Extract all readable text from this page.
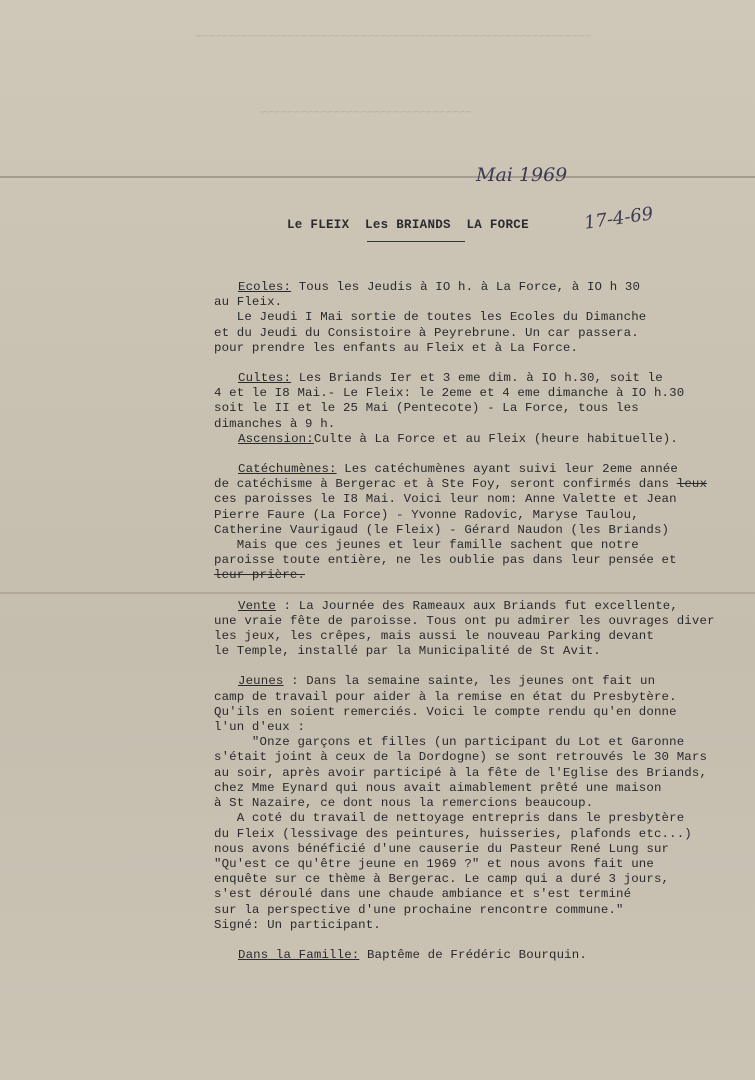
~~~~~~~~~~~~~~~~~~~~~~~~~~~~~~~~~~~~~~~~~~~~~~~~~~~~~~~~~~~~
~~~~~~~~~~~~~~~~~~~~~~~~~~~~~~~~
Mai 1969
17-4-69
Le FLEIX Les BRIANDS LA FORCE

Ecoles: Tous les Jeudis à IO h. à La Force, à IO h 30

au Fleix.

Le Jeudi I Mai sortie de toutes les Ecoles du Dimanche

et du Jeudi du Consistoire à Peyrebrune. Un car passera.

pour prendre les enfants au Fleix et à La Force.

Cultes: Les Briands Ier et 3 eme dim. à IO h.30, soit le

4 et le I8 Mai.- Le Fleix: le 2eme et 4 eme dimanche à IO h.30

soit le II et le 25 Mai (Pentecote) - La Force, tous les

dimanches à 9 h.

Ascension:Culte à La Force et au Fleix (heure habituelle).

Catéchumènes: Les catéchumènes ayant suivi leur 2eme année

de catéchisme à Bergerac et à Ste Foy, seront confirmés dans leux

ces paroisses le I8 Mai. Voici leur nom: Anne Valette et Jean

Pierre Faure (La Force) - Yvonne Radovic, Maryse Taulou,

Catherine Vaurigaud (le Fleix) - Gérard Naudon (les Briands)

Mais que ces jeunes et leur famille sachent que notre

paroisse toute entière, ne les oublie pas dans leur pensée et

leur prière.

Vente : La Journée des Rameaux aux Briands fut excellente,

une vraie fête de paroisse. Tous ont pu admirer les ouvrages diver

les jeux, les crêpes, mais aussi le nouveau Parking devant

le Temple, installé par la Municipalité de St Avit.

Jeunes : Dans la semaine sainte, les jeunes ont fait un

camp de travail pour aider à la remise en état du Presbytère.

Qu'ils en soient remerciés. Voici le compte rendu qu'en donne

l'un d'eux :

"Onze garçons et filles (un participant du Lot et Garonne

s'était joint à ceux de la Dordogne) se sont retrouvés le 30 Mars

au soir, après avoir participé à la fête de l'Eglise des Briands,

chez Mme Eynard qui nous avait aimablement prêté une maison

à St Nazaire, ce dont nous la remercions beaucoup.

A coté du travail de nettoyage entrepris dans le presbytère

du Fleix (lessivage des peintures, huisseries, plafonds etc...)

nous avons bénéficié d'une causerie du Pasteur René Lung sur

"Qu'est ce qu'être jeune en 1969 ?" et nous avons fait une

enquête sur ce thème à Bergerac. Le camp qui a duré 3 jours,

s'est déroulé dans une chaude ambiance et s'est terminé

sur la perspective d'une prochaine rencontre commune."

Signé: Un participant.

Dans la Famille: Baptême de Frédéric Bourquin.
